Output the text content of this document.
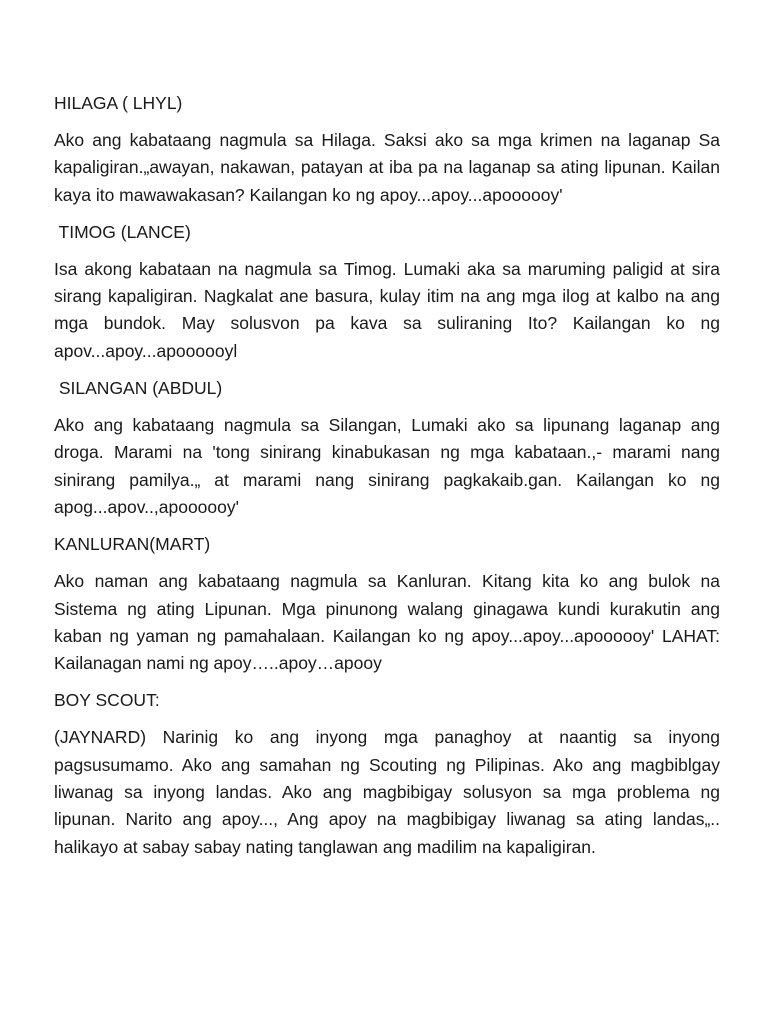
HILAGA ( LHYL)
Ako ang kabataang nagmula sa Hilaga. Saksi ako sa mga krimen na laganap Sa kapaligiran.„awayan, nakawan, patayan at iba pa na laganap sa ating lipunan. Kailan kaya ito mawawakasan? Kailangan ko ng apoy...apoy...apoooooy'
TIMOG (LANCE)
Isa akong kabataan na nagmula sa Timog. Lumaki aka sa maruming paligid at sira sirang kapaligiran. Nagkalat ane basura, kulay itim na ang mga ilog at kalbo na ang mga bundok. May solusvon pa kava sa suliraning Ito? Kailangan ko ng apov...apoy...apoooooyl
SILANGAN (ABDUL)
Ako ang kabataang nagmula sa Silangan, Lumaki ako sa lipunang laganap ang droga. Marami na 'tong sinirang kinabukasan ng mga kabataan.,- marami nang sinirang pamilya.„ at marami nang sinirang pagkakaib.gan. Kailangan ko ng apog...apov..,apoooooy'
KANLURAN(MART)
Ako naman ang kabataang nagmula sa Kanluran. Kitang kita ko ang bulok na Sistema ng ating Lipunan. Mga pinunong walang ginagawa kundi kurakutin ang kaban ng yaman ng pamahalaan. Kailangan ko ng apoy...apoy...apoooooy' LAHAT: Kailanagan nami ng apoy…..apoy…apooy
BOY SCOUT:
(JAYNARD) Narinig ko ang inyong mga panaghoy at naantig sa inyong pagsusumamo. Ako ang samahan ng Scouting ng Pilipinas. Ako ang magbiblgay liwanag sa inyong landas. Ako ang magbibigay solusyon sa mga problema ng lipunan. Narito ang apoy..., Ang apoy na magbibigay liwanag sa ating landas„.. halikayo at sabay sabay nating tanglawan ang madilim na kapaligiran.
